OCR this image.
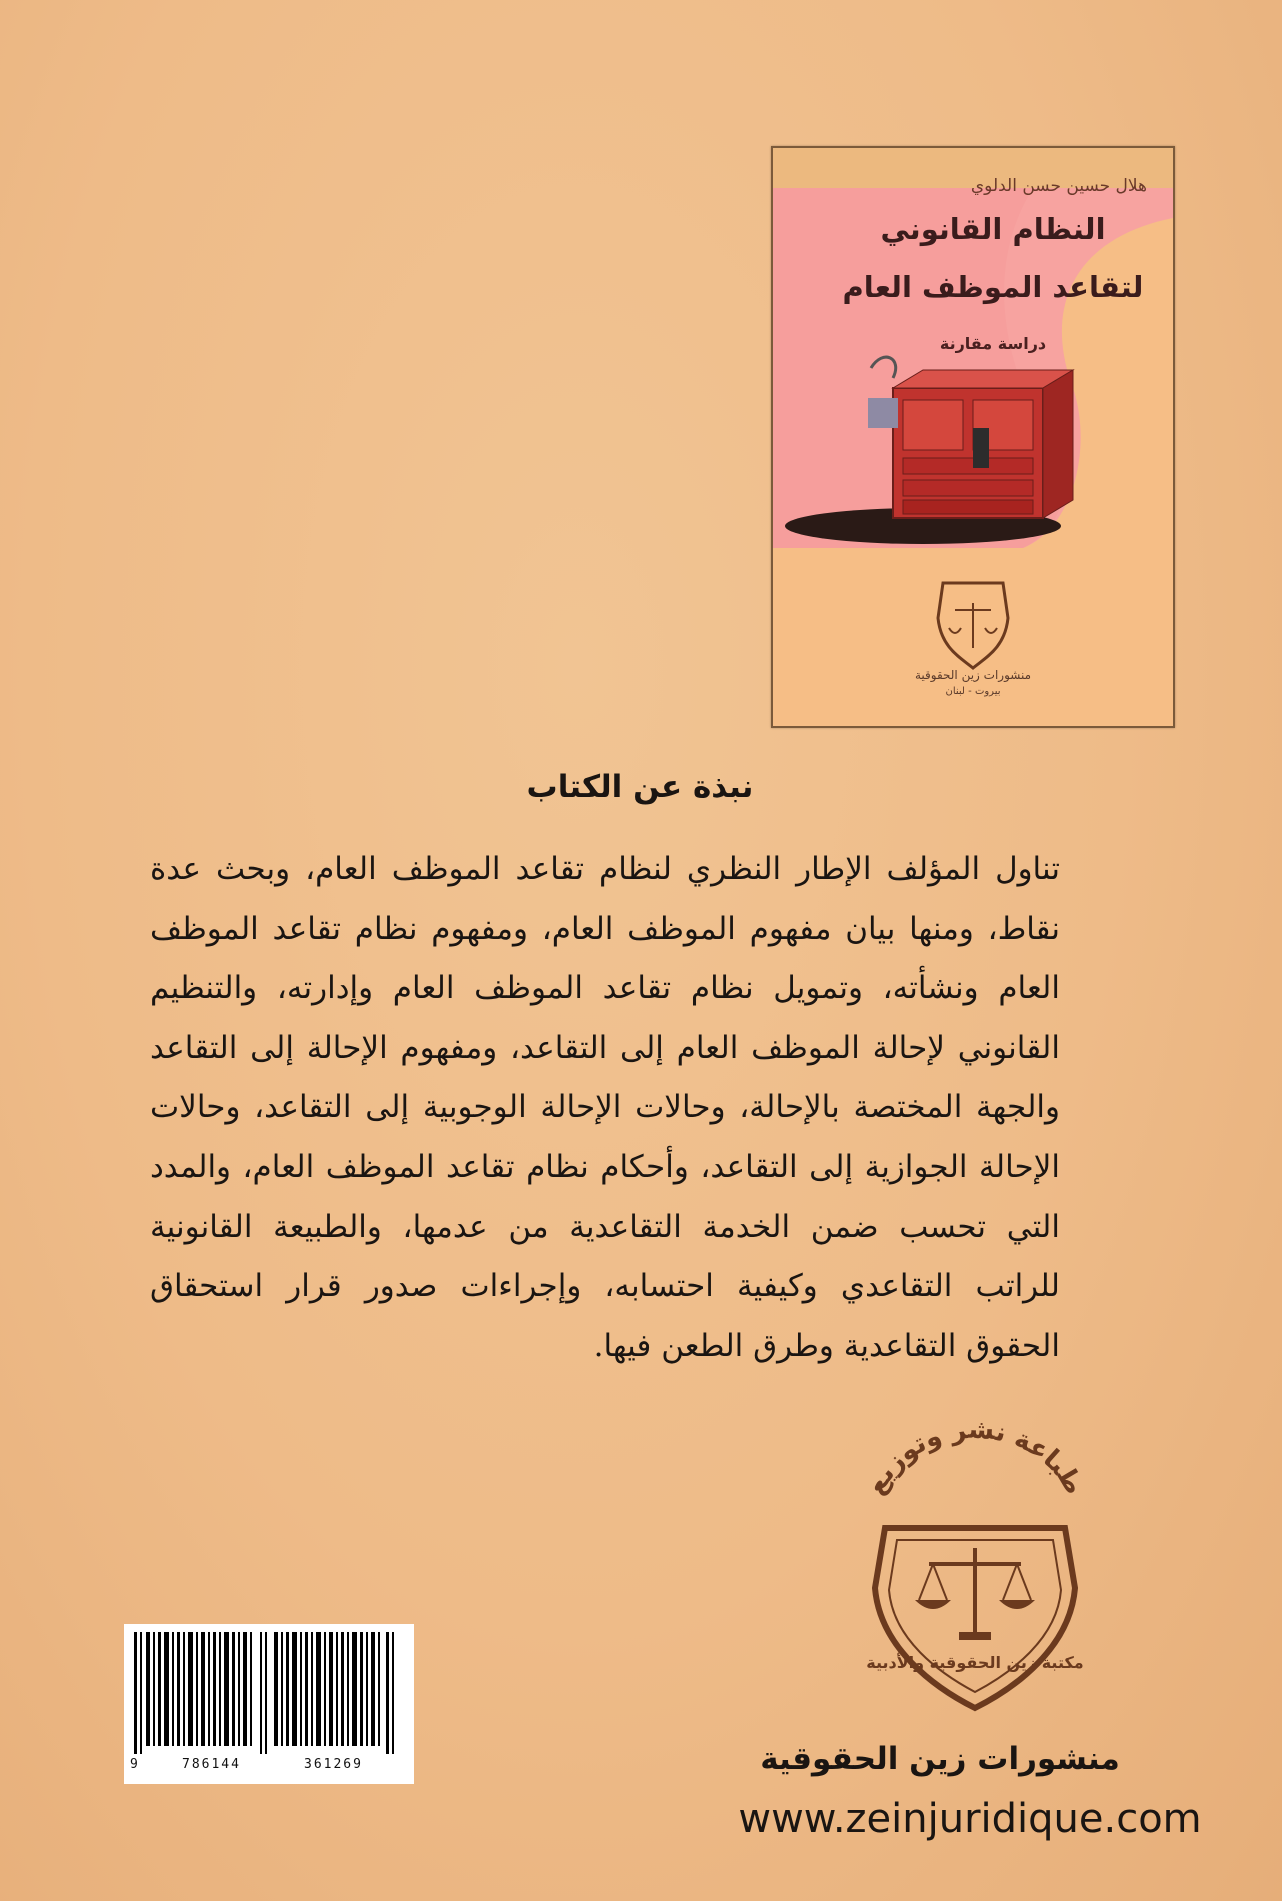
هلال حسين حسن الدلوي
النظام القانوني
لتقاعد الموظف العام
دراسة مقارنة
منشورات زين الحقوقية
بيروت - لبنان
نبذة عن الكتاب

تناول المؤلف الإطار النظري لنظام تقاعد الموظف العام، وبحث عدة نقاط، ومنها بيان مفهوم الموظف العام، ومفهوم نظام تقاعد الموظف العام ونشأته، وتمويل نظام تقاعد الموظف العام وإدارته، والتنظيم القانوني لإحالة الموظف العام إلى التقاعد، ومفهوم الإحالة إلى التقاعد والجهة المختصة بالإحالة، وحالات الإحالة الوجوبية إلى التقاعد، وحالات الإحالة الجوازية إلى التقاعد، وأحكام نظام تقاعد الموظف العام، والمدد التي تحسب ضمن الخدمة التقاعدية من عدمها، والطبيعة القانونية للراتب التقاعدي وكيفية احتسابه، وإجراءات صدور قرار استحقاق الحقوق التقاعدية وطرق الطعن فيها.

طباعة نشر وتوزيع
مكتبة زين الحقوقية والأدبية
9	786144	361269	منشورات زين الحقوقية
www.zeinjuridique.com
